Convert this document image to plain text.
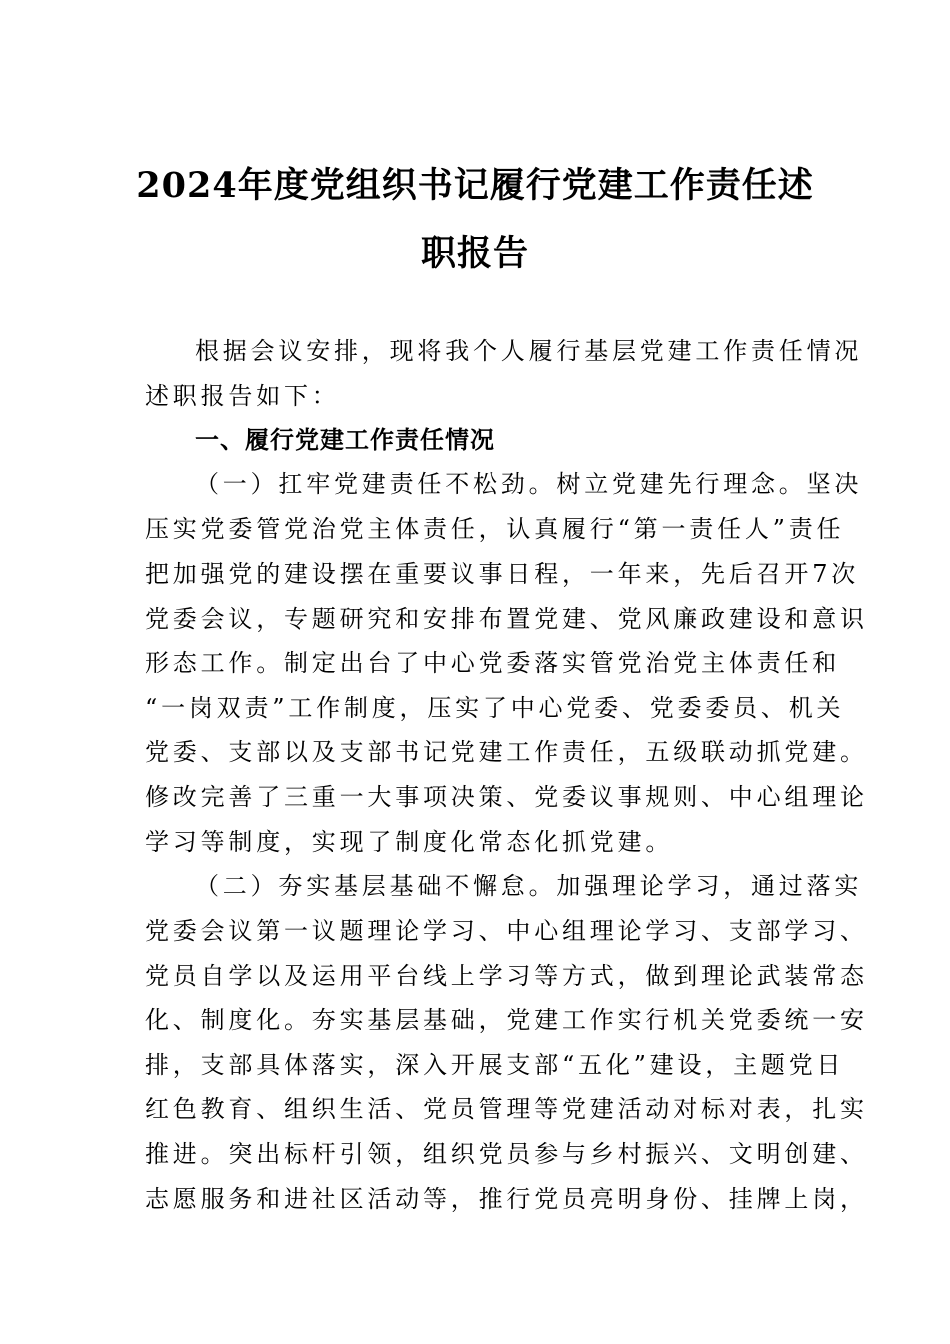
2024年度党组织书记履行党建工作责任述
职报告
根据会议安排，现将我个人履行基层党建工作责任情况
述职报告如下：
一、履行党建工作责任情况
（一）扛牢党建责任不松劲。树立党建先行理念。坚决
压实党委管党治党主体责任，认真履行“第一责任人”责任
把加强党的建设摆在重要议事日程，一年来，先后召开7次
党委会议，专题研究和安排布置党建、党风廉政建设和意识
形态工作。制定出台了中心党委落实管党治党主体责任和
“一岗双责”工作制度，压实了中心党委、党委委员、机关
党委、支部以及支部书记党建工作责任，五级联动抓党建。
修改完善了三重一大事项决策、党委议事规则、中心组理论
学习等制度，实现了制度化常态化抓党建。
（二）夯实基层基础不懈怠。加强理论学习，通过落实
党委会议第一议题理论学习、中心组理论学习、支部学习、
党员自学以及运用平台线上学习等方式，做到理论武装常态
化、制度化。夯实基层基础，党建工作实行机关党委统一安
排，支部具体落实，深入开展支部“五化”建设，主题党日
红色教育、组织生活、党员管理等党建活动对标对表，扎实
推进。突出标杆引领，组织党员参与乡村振兴、文明创建、
志愿服务和进社区活动等，推行党员亮明身份、挂牌上岗，
